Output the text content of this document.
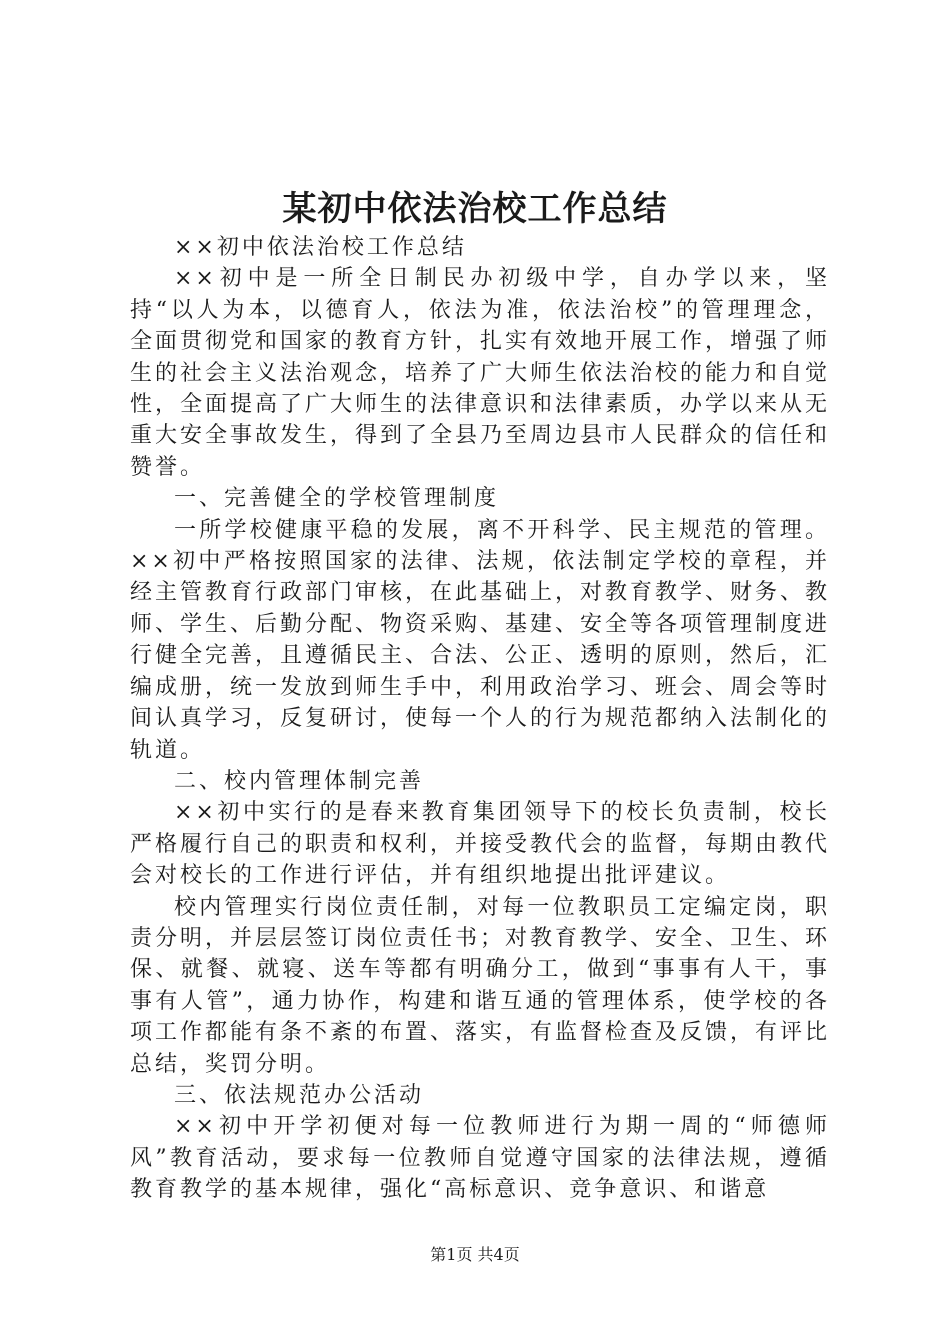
某初中依法治校工作总结

××初中依法治校工作总结

××初中是一所全日制民办初级中学，自办学以来，坚持“以人为本，以德育人，依法为准，依法治校”的管理理念，全面贯彻党和国家的教育方针，扎实有效地开展工作，增强了师生的社会主义法治观念，培养了广大师生依法治校的能力和自觉性，全面提高了广大师生的法律意识和法律素质，办学以来从无重大安全事故发生，得到了全县乃至周边县市人民群众的信任和赞誉。

一、完善健全的学校管理制度

一所学校健康平稳的发展，离不开科学、民主规范的管理。××初中严格按照国家的法律、法规，依法制定学校的章程，并经主管教育行政部门审核，在此基础上，对教育教学、财务、教师、学生、后勤分配、物资采购、基建、安全等各项管理制度进行健全完善，且遵循民主、合法、公正、透明的原则，然后，汇编成册，统一发放到师生手中，利用政治学习、班会、周会等时间认真学习，反复研讨，使每一个人的行为规范都纳入法制化的轨道。

二、校内管理体制完善

××初中实行的是春来教育集团领导下的校长负责制，校长严格履行自己的职责和权利，并接受教代会的监督，每期由教代会对校长的工作进行评估，并有组织地提出批评建议。

校内管理实行岗位责任制，对每一位教职员工定编定岗，职责分明，并层层签订岗位责任书；对教育教学、安全、卫生、环保、就餐、就寝、送车等都有明确分工，做到“事事有人干，事事有人管”，通力协作，构建和谐互通的管理体系，使学校的各项工作都能有条不紊的布置、落实，有监督检查及反馈，有评比总结，奖罚分明。

三、依法规范办公活动

××初中开学初便对每一位教师进行为期一周的“师德师风”教育活动，要求每一位教师自觉遵守国家的法律法规，遵循教育教学的基本规律，强化“高标意识、竞争意识、和谐意

第1页 共4页
